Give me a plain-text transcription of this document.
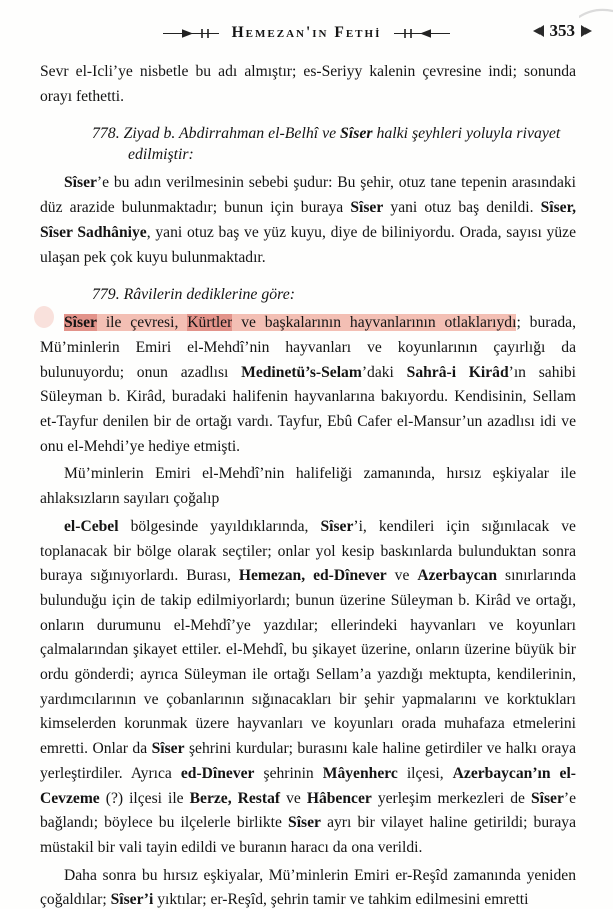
Hemezan'ın Fethi	353

Sevr el-Icli’ye nisbetle bu adı almıştır; es-Seriyy kalenin çevresine indi; sonunda orayı fethetti.

778. Ziyad b. Abdirrahman el-Belhî ve Sîser halki şeyhleri yoluyla rivayet edilmiştir:

Sîser’e bu adın verilmesinin sebebi şudur: Bu şehir, otuz tane tepenin arasındaki düz arazide bulunmaktadır; bunun için buraya Sîser yani otuz baş denildi. Sîser, Sîser Sadhâniye, yani otuz baş ve yüz kuyu, diye de biliniyordu. Orada, sayısı yüze ulaşan pek çok kuyu bulunmaktadır.

779. Râvilerin dediklerine göre:

Sîser ile çevresi, Kürtler ve başkalarının hayvanlarının otlaklarıydı; burada, Mü’minlerin Emiri el-Mehdî’nin hayvanları ve koyunlarının çayırlığı da bulunuyordu; onun azadlısı Medinetü’s-Selam’daki Sahrâ-i Kirâd’ın sahibi Süleyman b. Kirâd, buradaki halifenin hayvanlarına bakıyordu. Kendisinin, Sellam et-Tayfur denilen bir de ortağı vardı. Tayfur, Ebû Cafer el-Mansur’un azadlısı idi ve onu el-Mehdi’ye hediye etmişti.

Mü’minlerin Emiri el-Mehdî’nin halifeliği zamanında, hırsız eşkiyalar ile ahlaksızların sayıları çoğalıp

el-Cebel bölgesinde yayıldıklarında, Sîser’i, kendileri için sığınılacak ve toplanacak bir bölge olarak seçtiler; onlar yol kesip baskınlarda bulunduktan sonra buraya sığınıyorlardı. Burası, Hemezan, ed-Dînever ve Azerbaycan sınırlarında bulunduğu için de takip edilmiyorlardı; bunun üzerine Süleyman b. Kirâd ve ortağı, onların durumunu el-Mehdî’ye yazdılar; ellerindeki hayvanları ve koyunları çalmalarından şikayet ettiler. el-Mehdî, bu şikayet üzerine, onların üzerine büyük bir ordu gönderdi; ayrıca Süleyman ile ortağı Sellam’a yazdığı mektupta, kendilerinin, yardımcılarının ve çobanlarının sığınacakları bir şehir yapmalarını ve korktukları kimselerden korunmak üzere hayvanları ve koyunları orada muhafaza etmelerini emretti. Onlar da Sîser şehrini kurdular; burasını kale haline getirdiler ve halkı oraya yerleştirdiler. Ayrıca ed-Dînever şehrinin Mâyenherc ilçesi, Azerbaycan’ın el-Cevzeme (?) ilçesi ile Berze, Restaf ve Hâbencer yerleşim merkezleri de Sîser’e bağlandı; böylece bu ilçelerle birlikte Sîser ayrı bir vilayet haline getirildi; buraya müstakil bir vali tayin edildi ve buranın haracı da ona verildi.

Daha sonra bu hırsız eşkiyalar, Mü’minlerin Emiri er-Reşîd zamanında yeniden çoğaldılar; Sîser’i yıktılar; er-Reşîd, şehrin tamir ve tahkim edilmesini emretti
